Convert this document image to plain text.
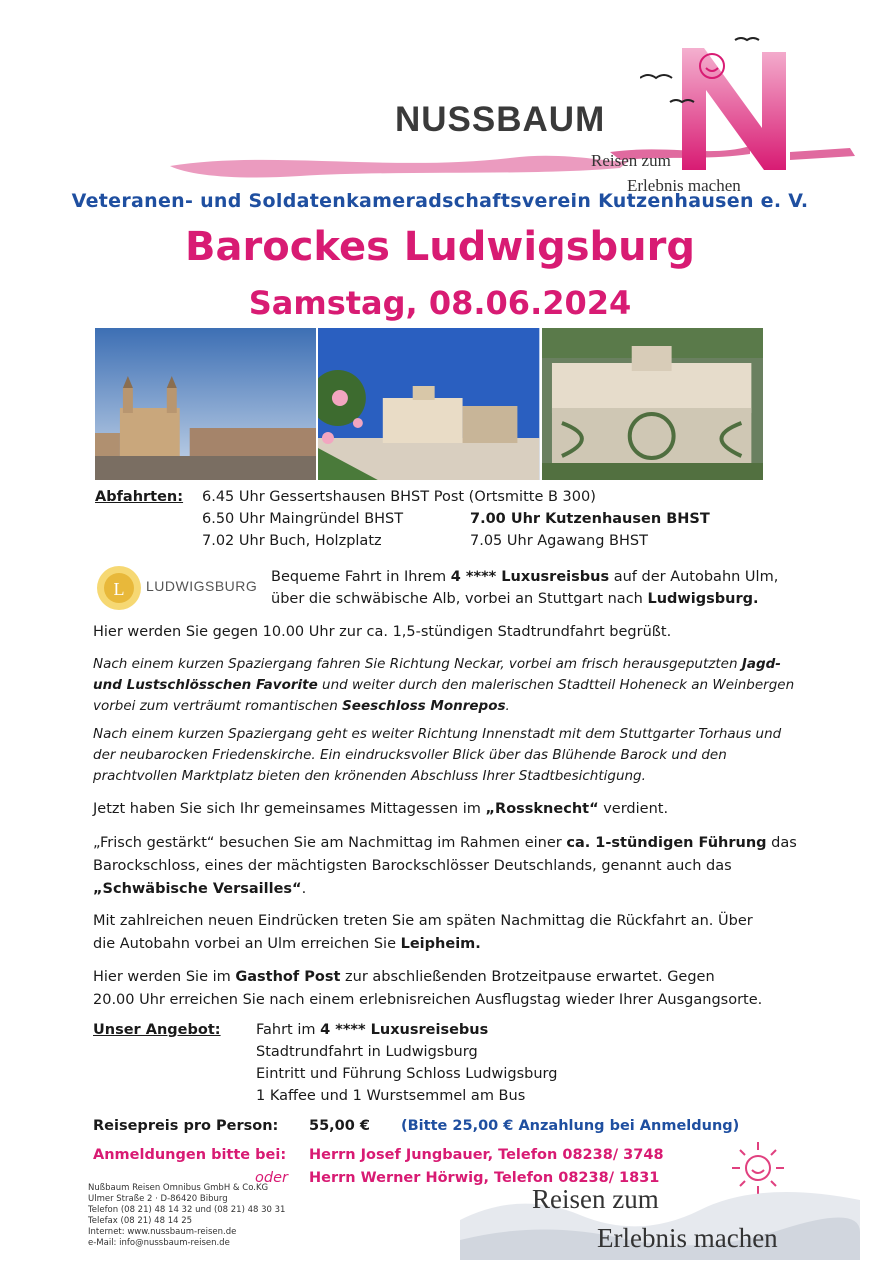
NUSSBAUM
Reisen zum
Erlebnis machen
Veteranen- und Soldatenkameradschaftsverein Kutzenhausen e. V.
Barockes Ludwigsburg
Samstag, 08.06.2024
Abfahrten: 6.45 Uhr Gessertshausen BHST Post (Ortsmitte B 300)
6.50 Uhr Maingründel BHST	7.00 Uhr Kutzenhausen BHST
7.02 Uhr Buch, Holzplatz	7.05 Uhr Agawang BHST
L LUDWIGSBURG
Bequeme Fahrt in Ihrem 4 **** Luxusreisbus auf der Autobahn Ulm,
über die schwäbische Alb, vorbei an Stuttgart nach Ludwigsburg.
Hier werden Sie gegen 10.00 Uhr zur ca. 1,5-stündigen Stadtrundfahrt begrüßt.
Nach einem kurzen Spaziergang fahren Sie Richtung Neckar, vorbei am frisch herausgeputzten Jagd-
und Lustschlösschen Favorite und weiter durch den malerischen Stadtteil Hoheneck an Weinbergen
vorbei zum verträumt romantischen Seeschloss Monrepos.
Nach einem kurzen Spaziergang geht es weiter Richtung Innenstadt mit dem Stuttgarter Torhaus und
der neubarocken Friedenskirche. Ein eindrucksvoller Blick über das Blühende Barock und den
prachtvollen Marktplatz bieten den krönenden Abschluss Ihrer Stadtbesichtigung.
Jetzt haben Sie sich Ihr gemeinsames Mittagessen im „Rossknecht“ verdient.
„Frisch gestärkt“ besuchen Sie am Nachmittag im Rahmen einer ca. 1-stündigen Führung das
Barockschloss, eines der mächtigsten Barockschlösser Deutschlands, genannt auch das
„Schwäbische Versailles“.
Mit zahlreichen neuen Eindrücken treten Sie am späten Nachmittag die Rückfahrt an. Über
die Autobahn vorbei an Ulm erreichen Sie Leipheim.
Hier werden Sie im Gasthof Post zur abschließenden Brotzeitpause erwartet. Gegen
20.00 Uhr erreichen Sie nach einem erlebnisreichen Ausflugstag wieder Ihrer Ausgangsorte.
Unser Angebot: Fahrt im 4 **** Luxusreisebus
Stadtrundfahrt in Ludwigsburg
Eintritt und Führung Schloss Ludwigsburg
1 Kaffee und 1 Wurstsemmel am Bus
Reisepreis pro Person: 55,00 € (Bitte 25,00 € Anzahlung bei Anmeldung)
Anmeldungen bitte bei: Herrn Josef Jungbauer, Telefon 08238/ 3748
oder Herrn Werner Hörwig, Telefon 08238/ 1831
Nußbaum Reisen Omnibus GmbH & Co.KG
Ulmer Straße 2 · D-86420 Biburg
Telefon (08 21) 48 14 32 und (08 21) 48 30 31
Telefax (08 21) 48 14 25
Internet: www.nussbaum-reisen.de
e-Mail: info@nussbaum-reisen.de
Reisen zum
Erlebnis machen
